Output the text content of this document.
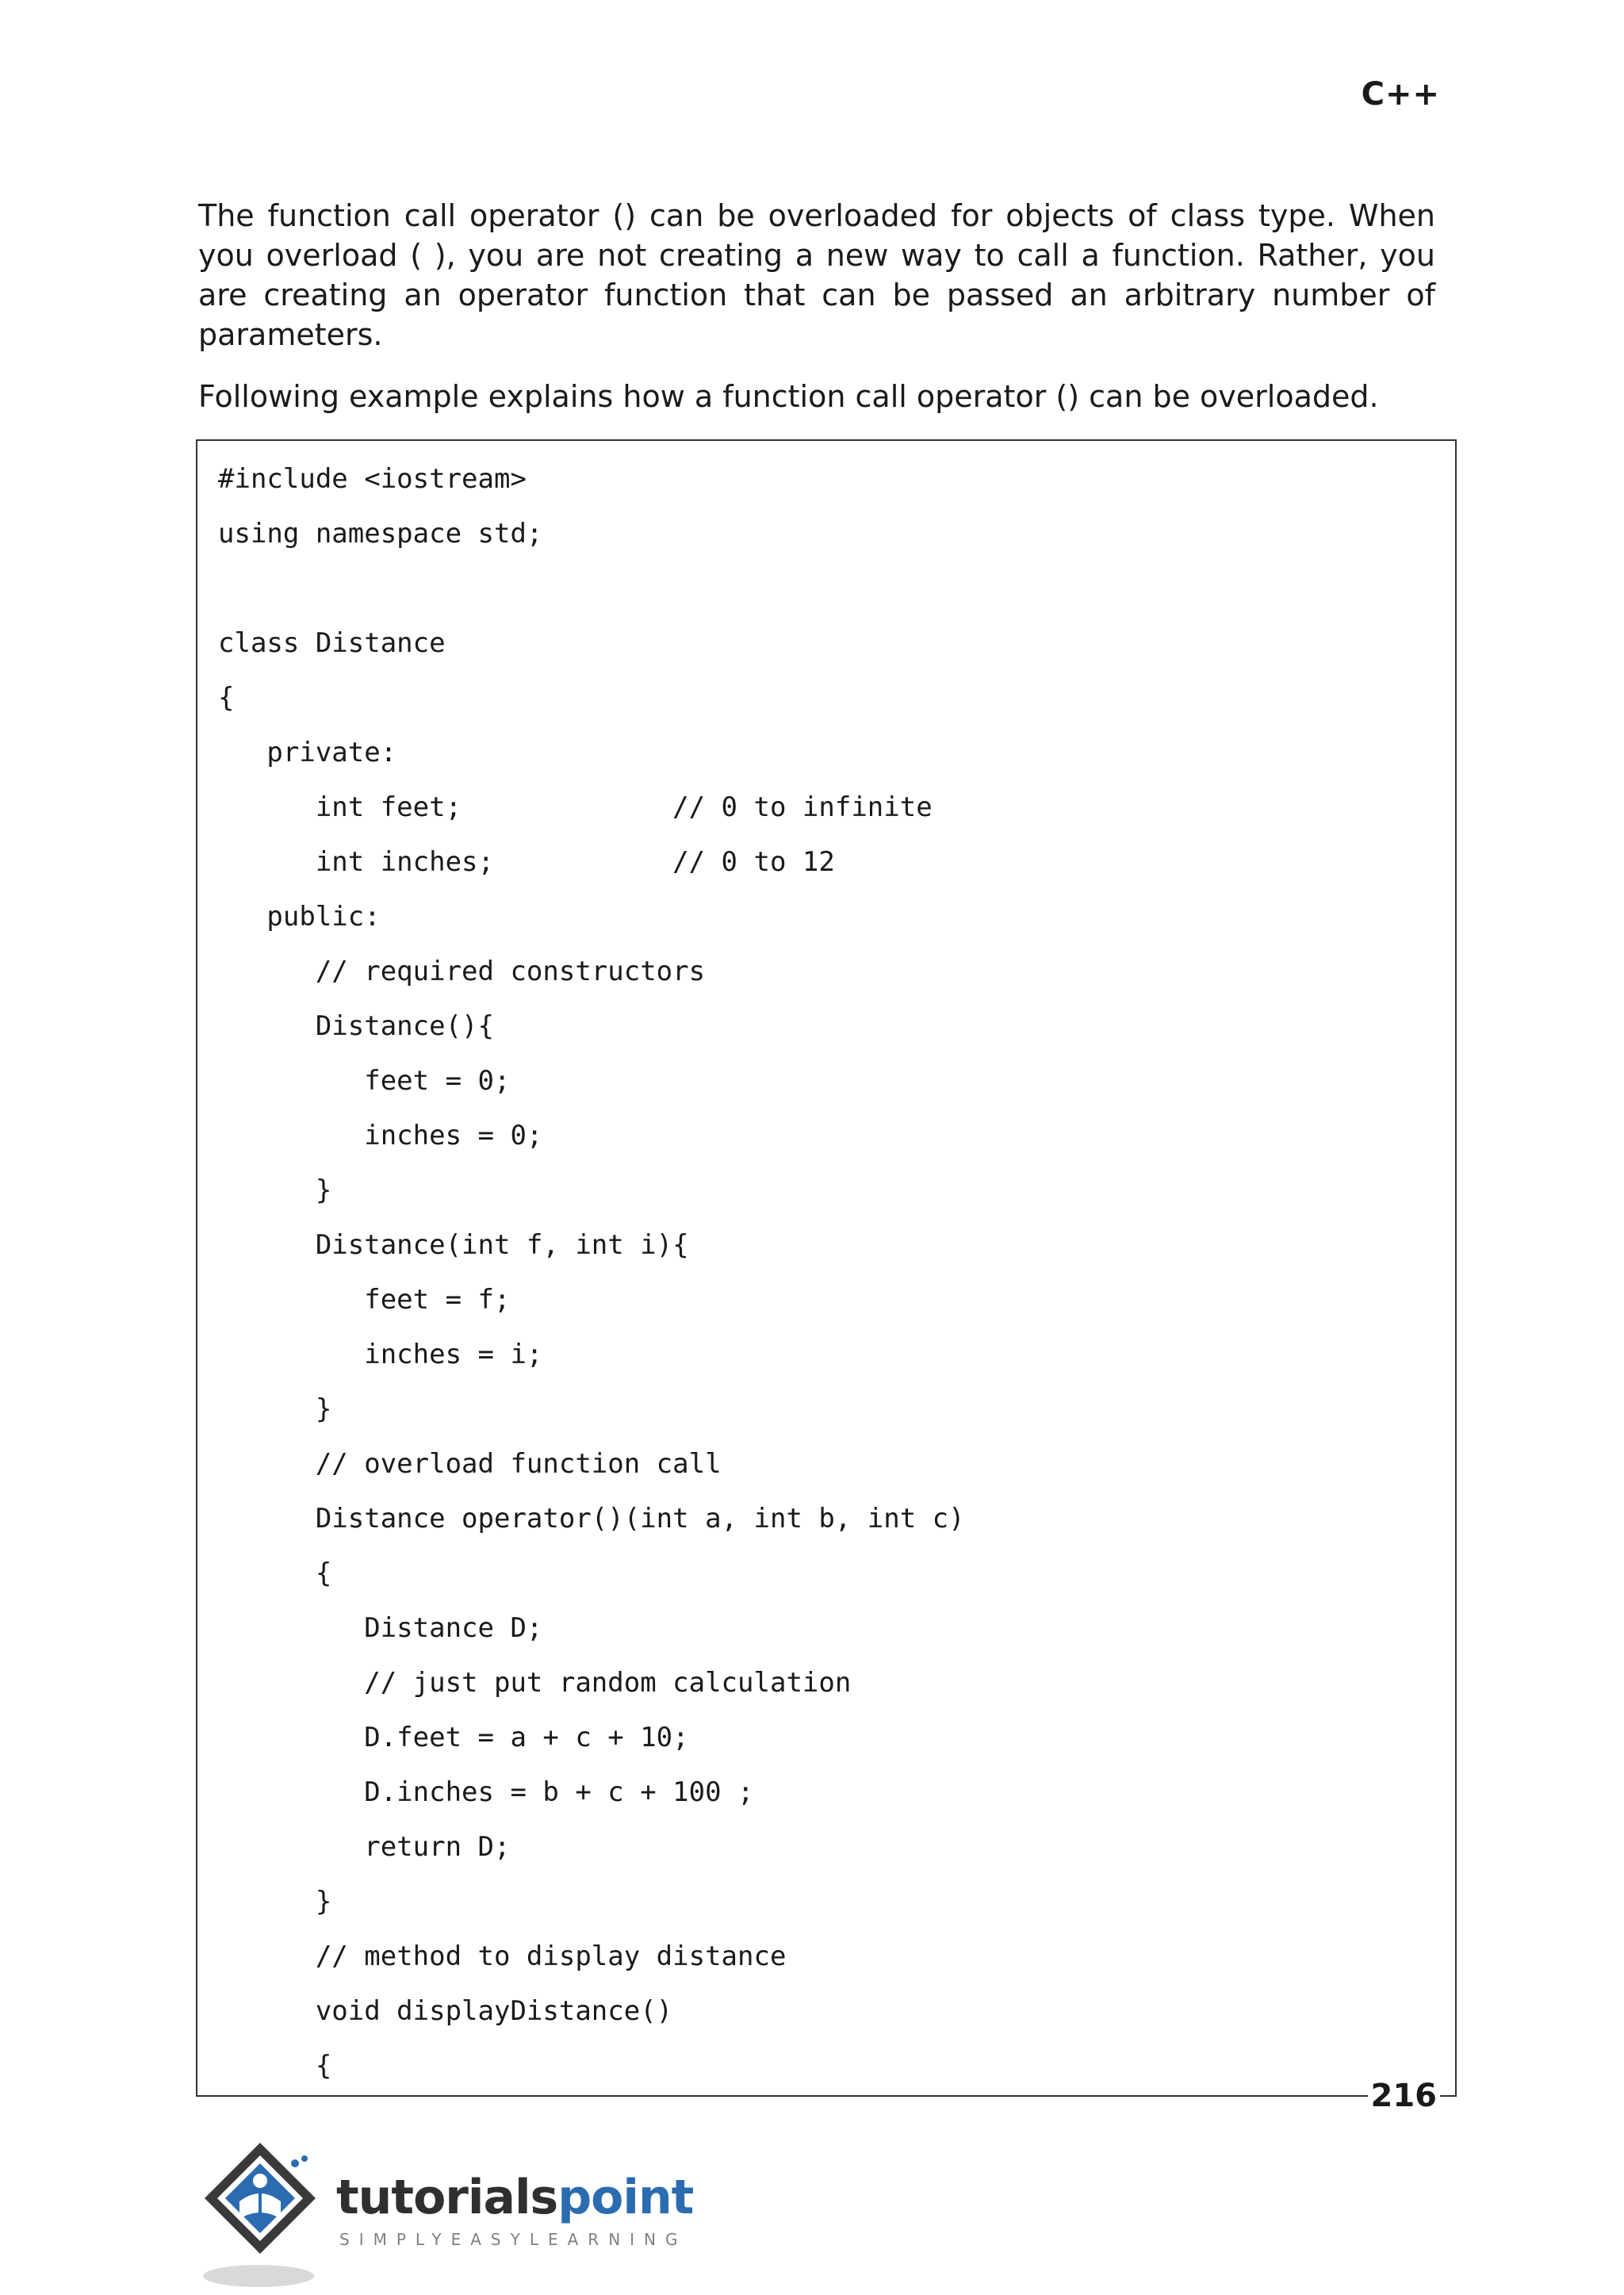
C++

The function call operator () can be overloaded for objects of class type. When you overload ( ), you are not creating a new way to call a function. Rather, you are creating an operator function that can be passed an arbitrary number of parameters.

Following example explains how a function call operator () can be overloaded.

#include <iostream>
using namespace std;
class Distance
{
private:
int feet;             // 0 to infinite
int inches;           // 0 to 12
public:
// required constructors
Distance(){
feet = 0;
inches = 0;
}
Distance(int f, int i){
feet = f;
inches = i;
}
// overload function call
Distance operator()(int a, int b, int c)
{
Distance D;
// just put random calculation
D.feet = a + c + 10;
D.inches = b + c + 100 ;
return D;
}
// method to display distance
void displayDistance()
{
216
tutorialspoint
SIMPLYEASYLEARNING
